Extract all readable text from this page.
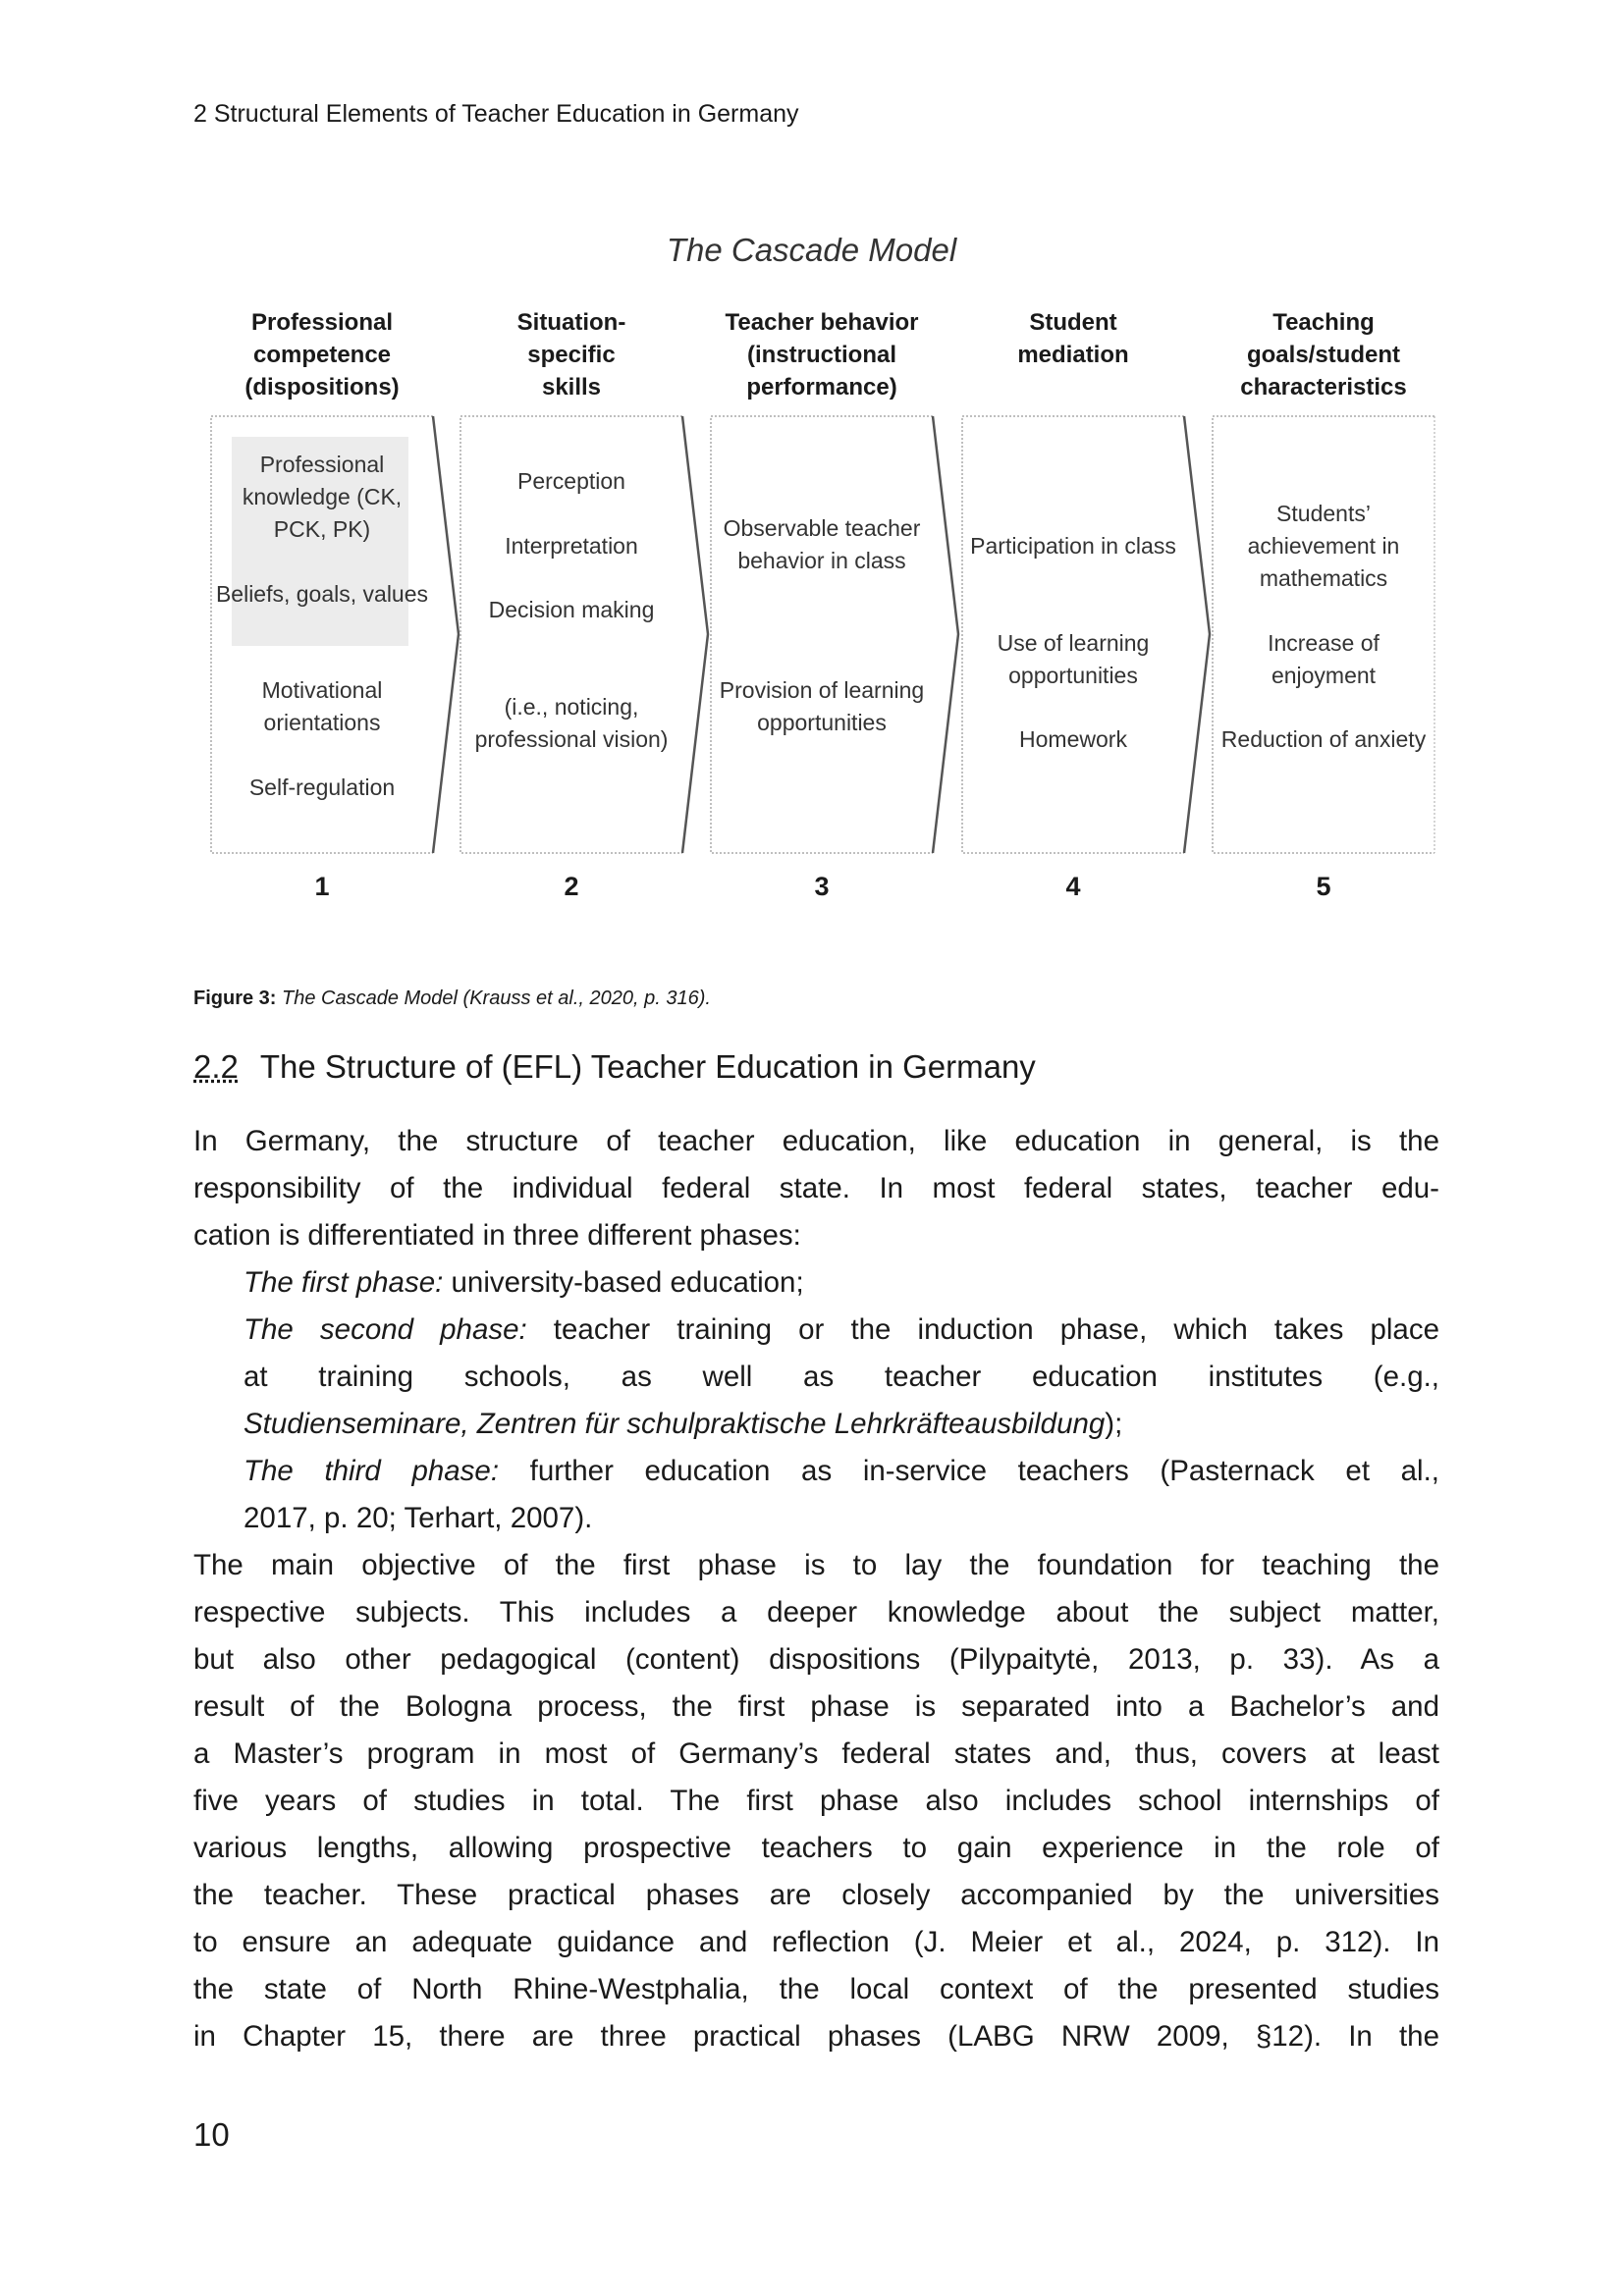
2 Structural Elements of Teacher Education in Germany
The Cascade Model
Professional
competence
(dispositions)
Professional knowledge (CK, PCK, PK)
Beliefs, goals, values
Motivational orientations
Self-regulation
1
Situation-
specific
skills
Perception
Interpretation
Decision making
(i.e., noticing, professional vision)
2
Teacher behavior
(instructional
performance)
Observable teacher behavior in class
Provision of learning opportunities
3
Student
mediation
Participation in class
Use of learning opportunities
Homework
4
Teaching
goals/student
characteristics
Students’ achievement in mathematics
Increase of enjoyment
Reduction of anxiety
5
Figure 3: The Cascade Model (Krauss et al., 2020, p. 316).
2.2 The Structure of (EFL) Teacher Education in Germany
In Germany, the structure of teacher education, like education in general, is the
responsibility of the individual federal state. In most federal states, teacher edu-
cation is differentiated in three different phases:
The first phase: university-based education;
The second phase: teacher training or the induction phase, which takes place
at training schools, as well as teacher education institutes (e.g.,
Studienseminare, Zentren für schulpraktische Lehrkräfteausbildung);
The third phase: further education as in-service teachers (Pasternack et al.,
2017, p. 20; Terhart, 2007).
The main objective of the first phase is to lay the foundation for teaching the
respective subjects. This includes a deeper knowledge about the subject matter,
but also other pedagogical (content) dispositions (Pilypaitytė, 2013, p. 33). As a
result of the Bologna process, the first phase is separated into a Bachelor’s and
a Master’s program in most of Germany’s federal states and, thus, covers at least
five years of studies in total. The first phase also includes school internships of
various lengths, allowing prospective teachers to gain experience in the role of
the teacher. These practical phases are closely accompanied by the universities
to ensure an adequate guidance and reflection (J. Meier et al., 2024, p. 312). In
the state of North Rhine-Westphalia, the local context of the presented studies
in Chapter 15, there are three practical phases (LABG NRW 2009, §12). In the
10
